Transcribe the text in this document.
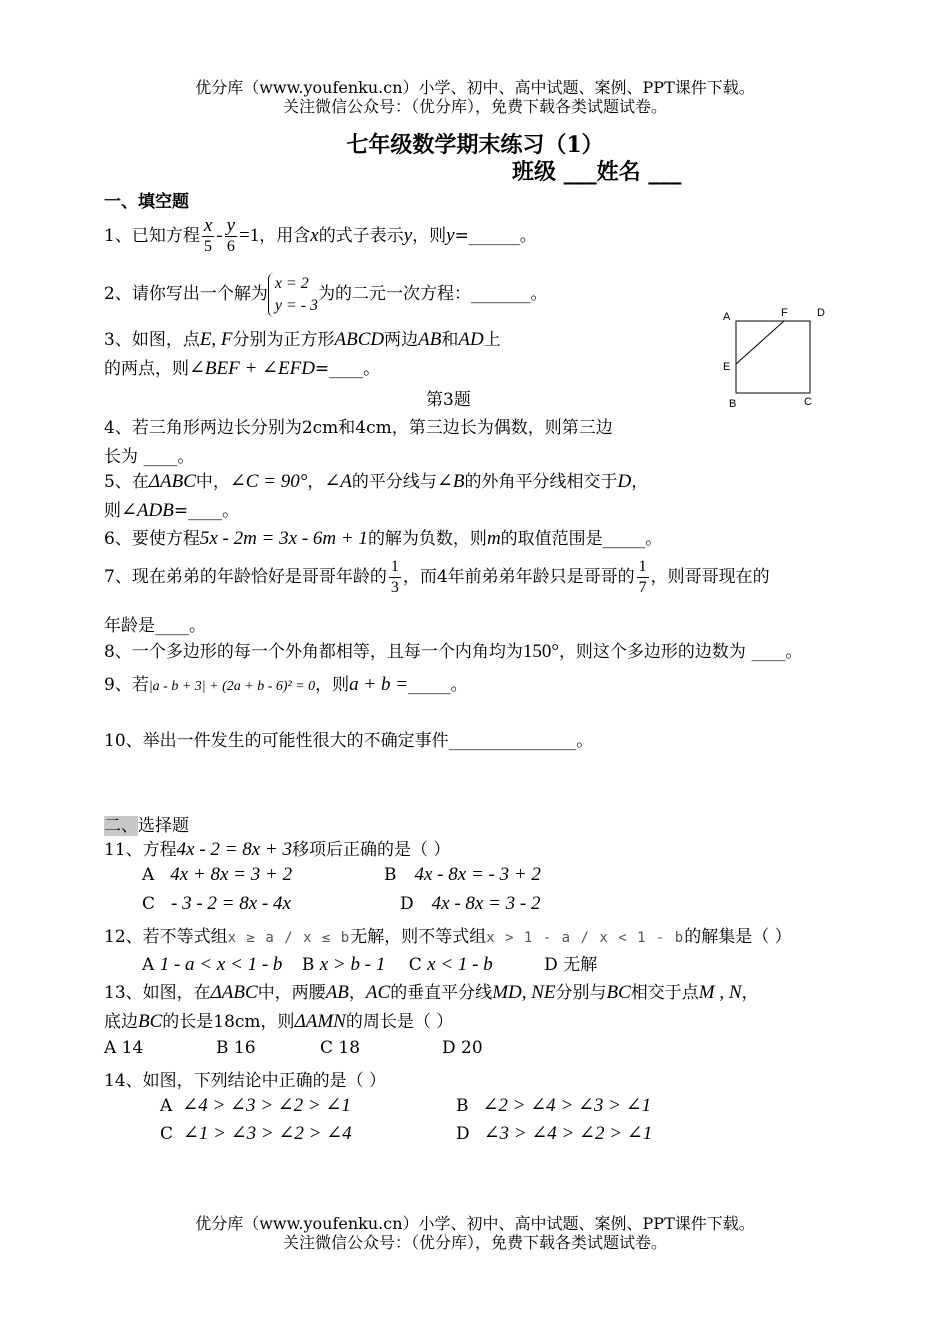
优分库（www.youfenku.cn）小学、初中、高中试题、案例、PPT课件下载。
关注微信公众号：（优分库），免费下载各类试题试卷。
七年级数学期末练习（1）
班级 ___姓名 ___
一、填空题
1、已知方程 $\frac{x}{5} - \frac{y}{6} =1$，用含x的式子表示y，则y=______。
2、请你写出一个解为
x = 2
y = - 3
为的二元一次方程：_______。
3、如图，点E, F分别为正方形ABCD两边AB和AD上
的两点，则∠BEF + ∠EFD=____。
第3题
A	F	D
E
B	C
4、若三角形两边长分别为2cm和4cm，第三边长为偶数，则第三边
长为 ____。
5、在ΔABC中，∠C = 90°，∠A的平分线与∠B的外角平分线相交于D，
则∠ADB=____。
6、要使方程5x - 2m = 3x - 6m + 1的解为负数，则m的取值范围是_____。
7、现在弟弟的年龄恰好是哥哥年龄的 $\frac{1}{3}$ ，而4年前弟弟年龄只是哥哥的 $\frac{1}{7}$ ，则哥哥现在的
年龄是____。
8、一个多边形的每一个外角都相等，且每一个内角均为150°，则这个多边形的边数为 ____。
9、若|a - b + 3| + (2a + b - 6)² = 0，则a + b =_____。
10、举出一件发生的可能性很大的不确定事件_______________。
二、选择题
11、方程4x - 2 = 8x + 3移项后正确的是（ ）
A 4x + 8x = 3 + 2	B 4x - 8x = - 3 + 2
C - 3 - 2 = 8x - 4x	D 4x - 8x = 3 - 2
12、若不等式组x ≥ a / x ≤ b无解，则不等式组x > 1 - a / x < 1 - b的解集是（ ）
A 1 - a < x < 1 - b B x > b - 1 C x < 1 - b	D 无解
13、如图，在ΔABC中，两腰AB，AC的垂直平分线MD, NE分别与BC相交于点M , N，
底边BC的长是18cm，则ΔAMN的周长是（ ）
A 14	B 16	C 18	D 20
14、如图，下列结论中正确的是（ ）
A ∠4 > ∠3 > ∠2 > ∠1	B ∠2 > ∠4 > ∠3 > ∠1
C ∠1 > ∠3 > ∠2 > ∠4	D ∠3 > ∠4 > ∠2 > ∠1
优分库（www.youfenku.cn）小学、初中、高中试题、案例、PPT课件下载。
关注微信公众号：（优分库），免费下载各类试题试卷。
